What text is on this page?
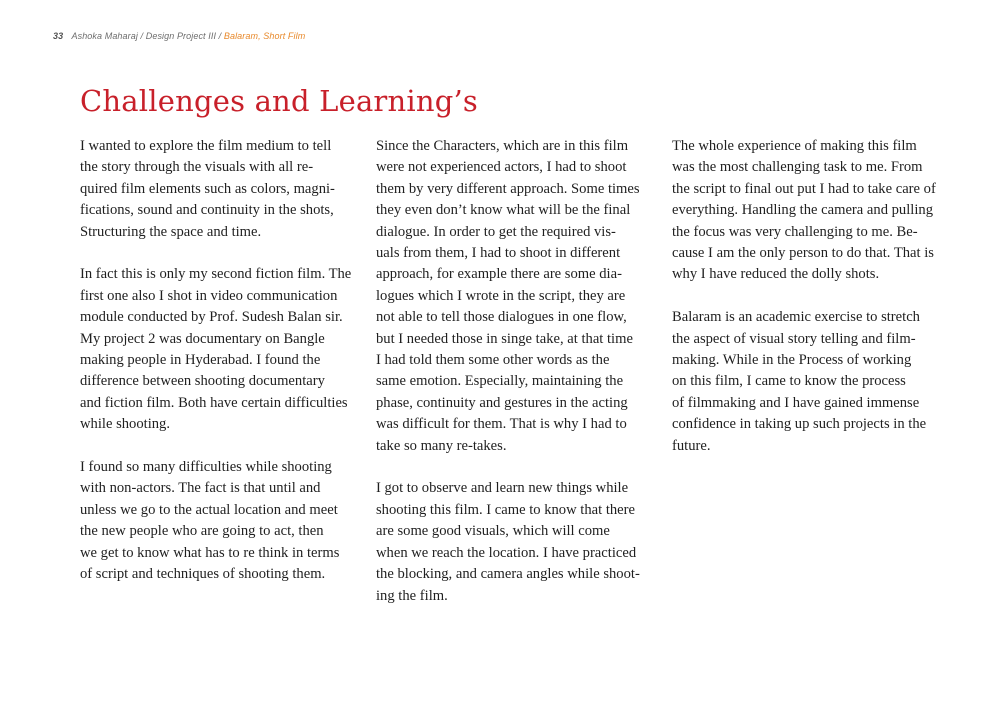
33 Ashoka Maharaj / Design Project III / Balaram, Short Film
Challenges and Learning’s

I wanted to explore the film medium to tell
the story through the visuals with all re-
quired film elements such as colors, magni-
fications, sound and continuity in the shots,
Structuring the space and time.

In fact this is only my second fiction film. The
first one also I shot in video communication
module conducted by Prof. Sudesh Balan sir.
My project 2 was documentary on Bangle
making people in Hyderabad. I found the
difference between shooting documentary
and fiction film. Both have certain difficulties
while shooting.

I found so many difficulties while shooting
with non-actors. The fact is that until and
unless we go to the actual location and meet
the new people who are going to act, then
we get to know what has to re think in terms
of script and techniques of shooting them.

Since the Characters, which are in this film
were not experienced actors, I had to shoot
them by very different approach. Some times
they even don’t know what will be the final
dialogue. In order to get the required vis-
uals from them, I had to shoot in different
approach, for example there are some dia-
logues which I wrote in the script, they are
not able to tell those dialogues in one flow,
but I needed those in singe take, at that time
I had told them some other words as the
same emotion. Especially, maintaining the
phase, continuity and gestures in the acting
was difficult for them. That is why I had to
take so many re-takes.

I got to observe and learn new things while
shooting this film. I came to know that there
are some good visuals, which will come
when we reach the location. I have practiced
the blocking, and camera angles while shoot-
ing the film.

The whole experience of making this film
was the most challenging task to me. From
the script to final out put I had to take care of
everything. Handling the camera and pulling
the focus was very challenging to me. Be-
cause I am the only person to do that. That is
why I have reduced the dolly shots.

Balaram is an academic exercise to stretch
the aspect of visual story telling and film-
making. While in the Process of working
on this film, I came to know the process
of filmmaking and I have gained immense
confidence in taking up such projects in the
future.
